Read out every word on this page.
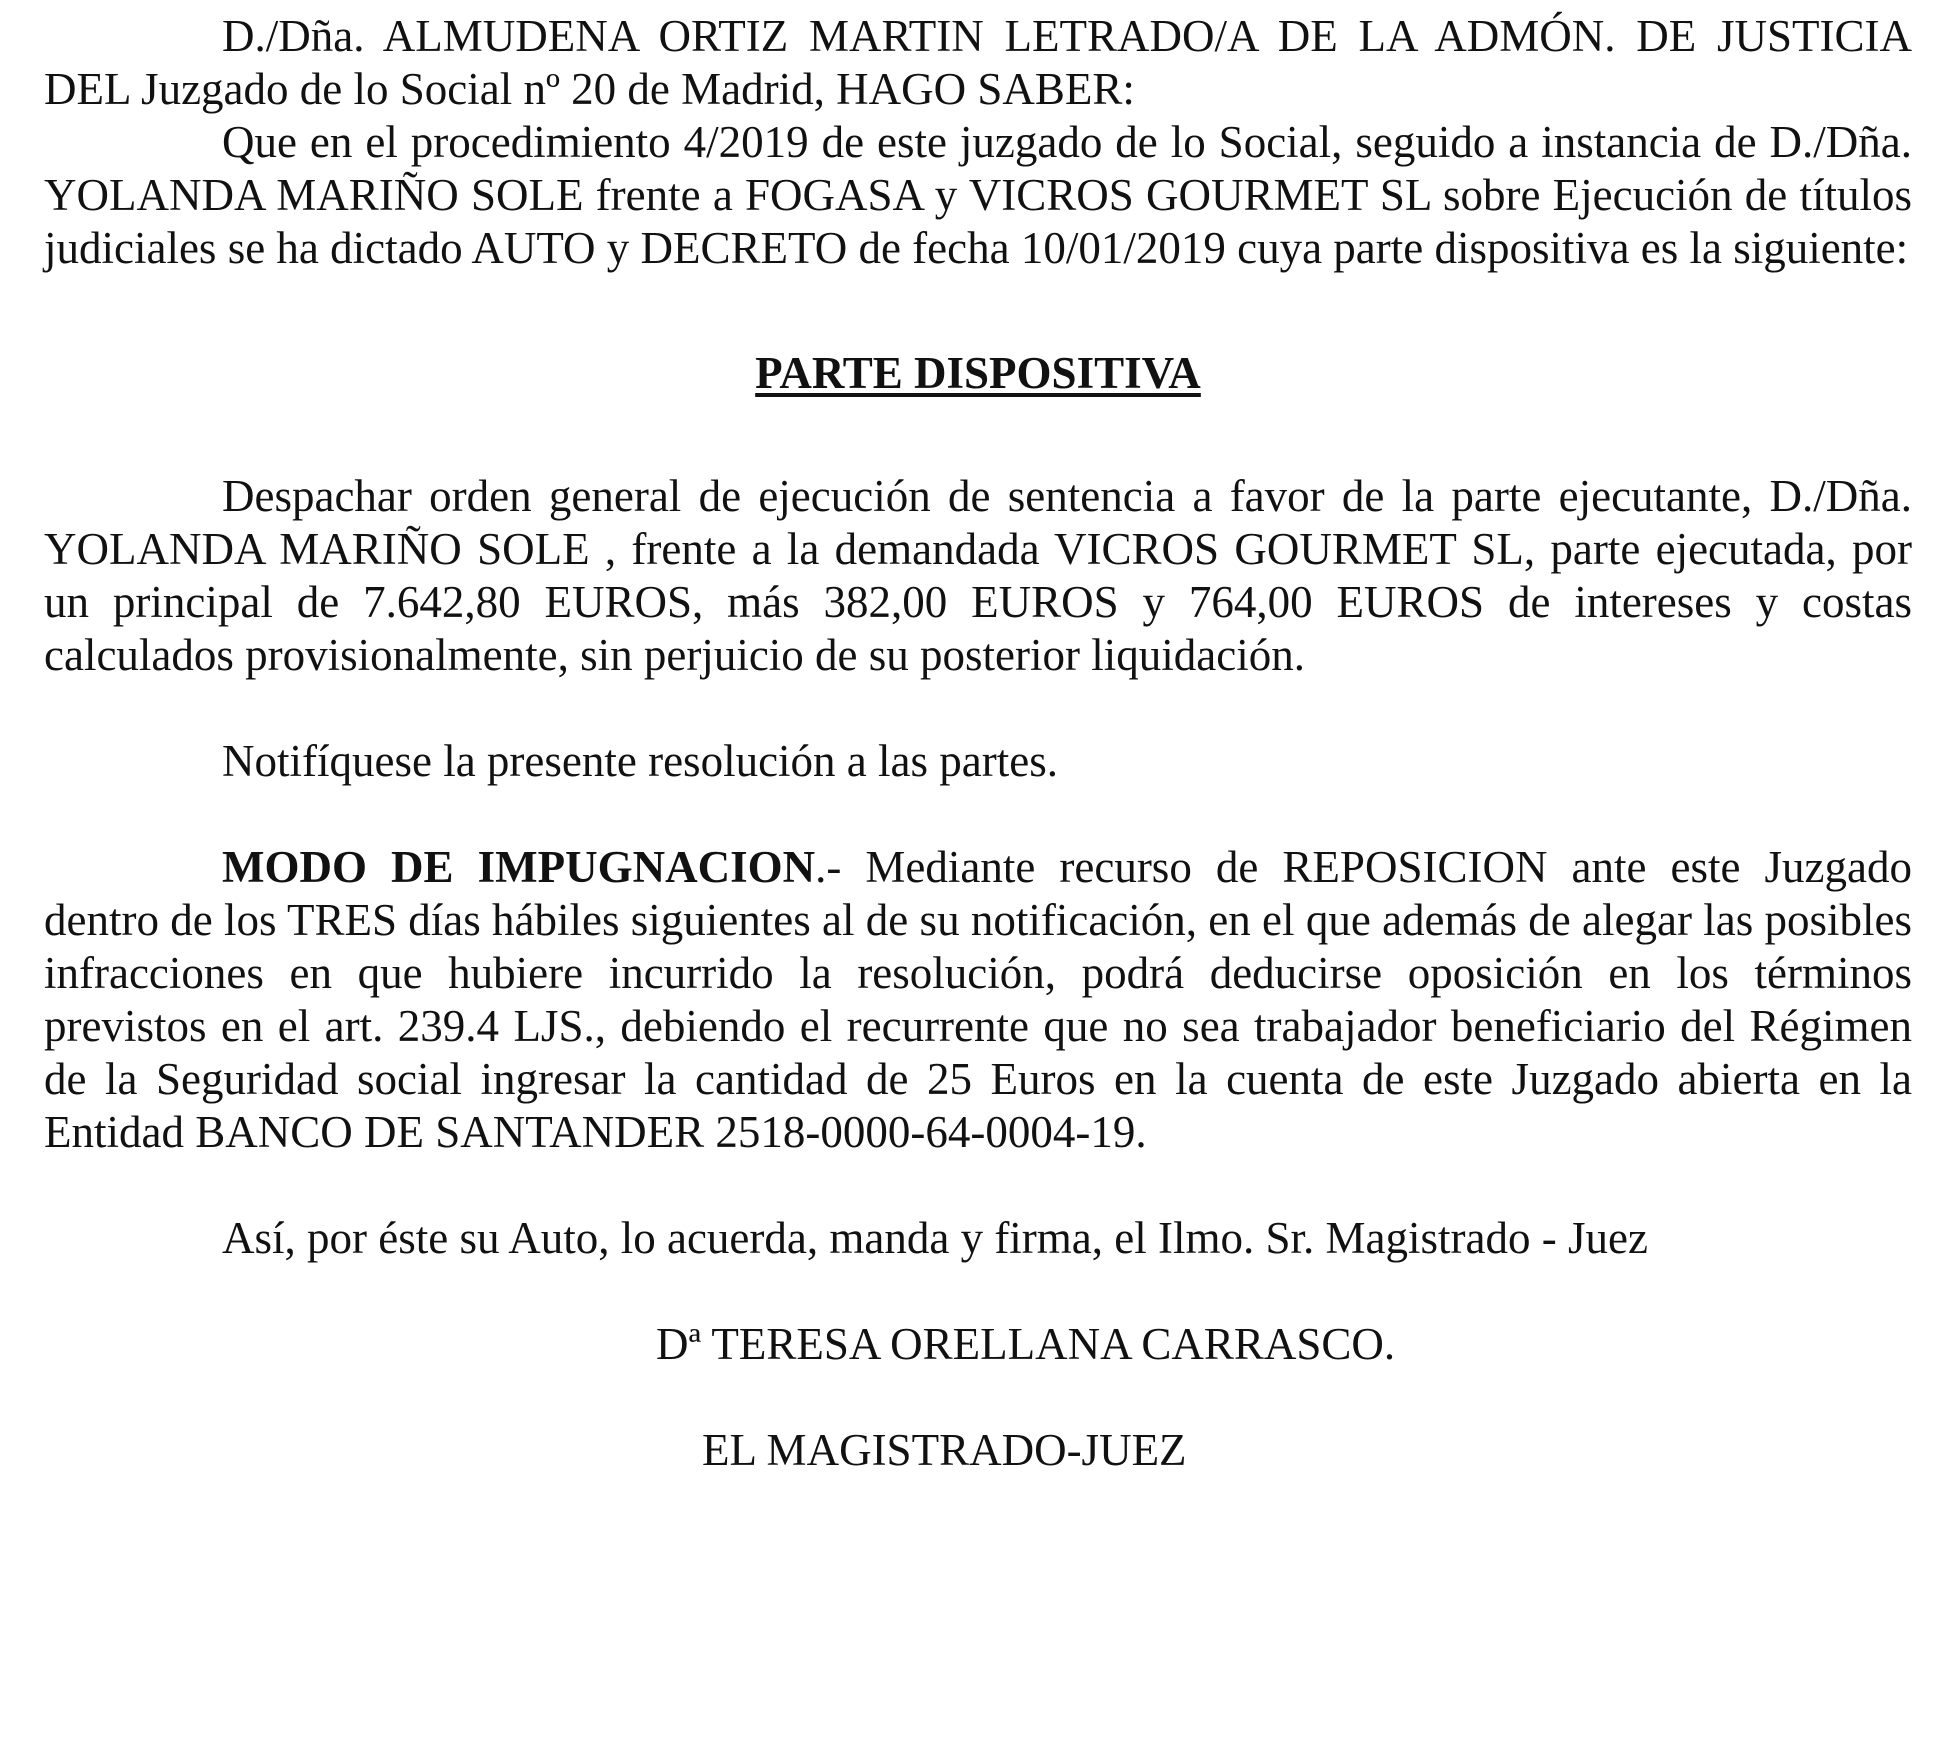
D./Dña. ALMUDENA ORTIZ MARTIN LETRADO/A DE LA ADMÓN. DE JUSTICIA DEL Juzgado de lo Social nº 20 de Madrid, HAGO SABER:

Que en el procedimiento 4/2019 de este juzgado de lo Social, seguido a instancia de D./Dña. YOLANDA MARIÑO SOLE frente a FOGASA y VICROS GOURMET SL sobre Ejecución de títulos judiciales se ha dictado AUTO y DECRETO de fecha 10/01/2019 cuya parte dispositiva es la siguiente:

PARTE DISPOSITIVA

Despachar orden general de ejecución de sentencia a favor de la parte ejecutante, D./Dña. YOLANDA MARIÑO SOLE , frente a la demandada VICROS GOURMET SL, parte ejecutada, por un principal de 7.642,80 EUROS, más 382,00 EUROS y 764,00 EUROS de intereses y costas calculados provisionalmente, sin perjuicio de su posterior liquidación.

Notifíquese la presente resolución a las partes.

MODO DE IMPUGNACION.- Mediante recurso de REPOSICION ante este Juzgado dentro de los TRES días hábiles siguientes al de su notificación, en el que además de alegar las posibles infracciones en que hubiere incurrido la resolución, podrá deducirse oposición en los términos previstos en el art. 239.4 LJS., debiendo el recurrente que no sea trabajador beneficiario del Régimen de la Seguridad social ingresar la cantidad de 25 Euros en la cuenta de este Juzgado abierta en la Entidad BANCO DE SANTANDER 2518-0000-64-0004-19.

Así, por éste su Auto, lo acuerda, manda y firma, el Ilmo. Sr. Magistrado - Juez

Dª TERESA ORELLANA CARRASCO.

EL MAGISTRADO-JUEZ
